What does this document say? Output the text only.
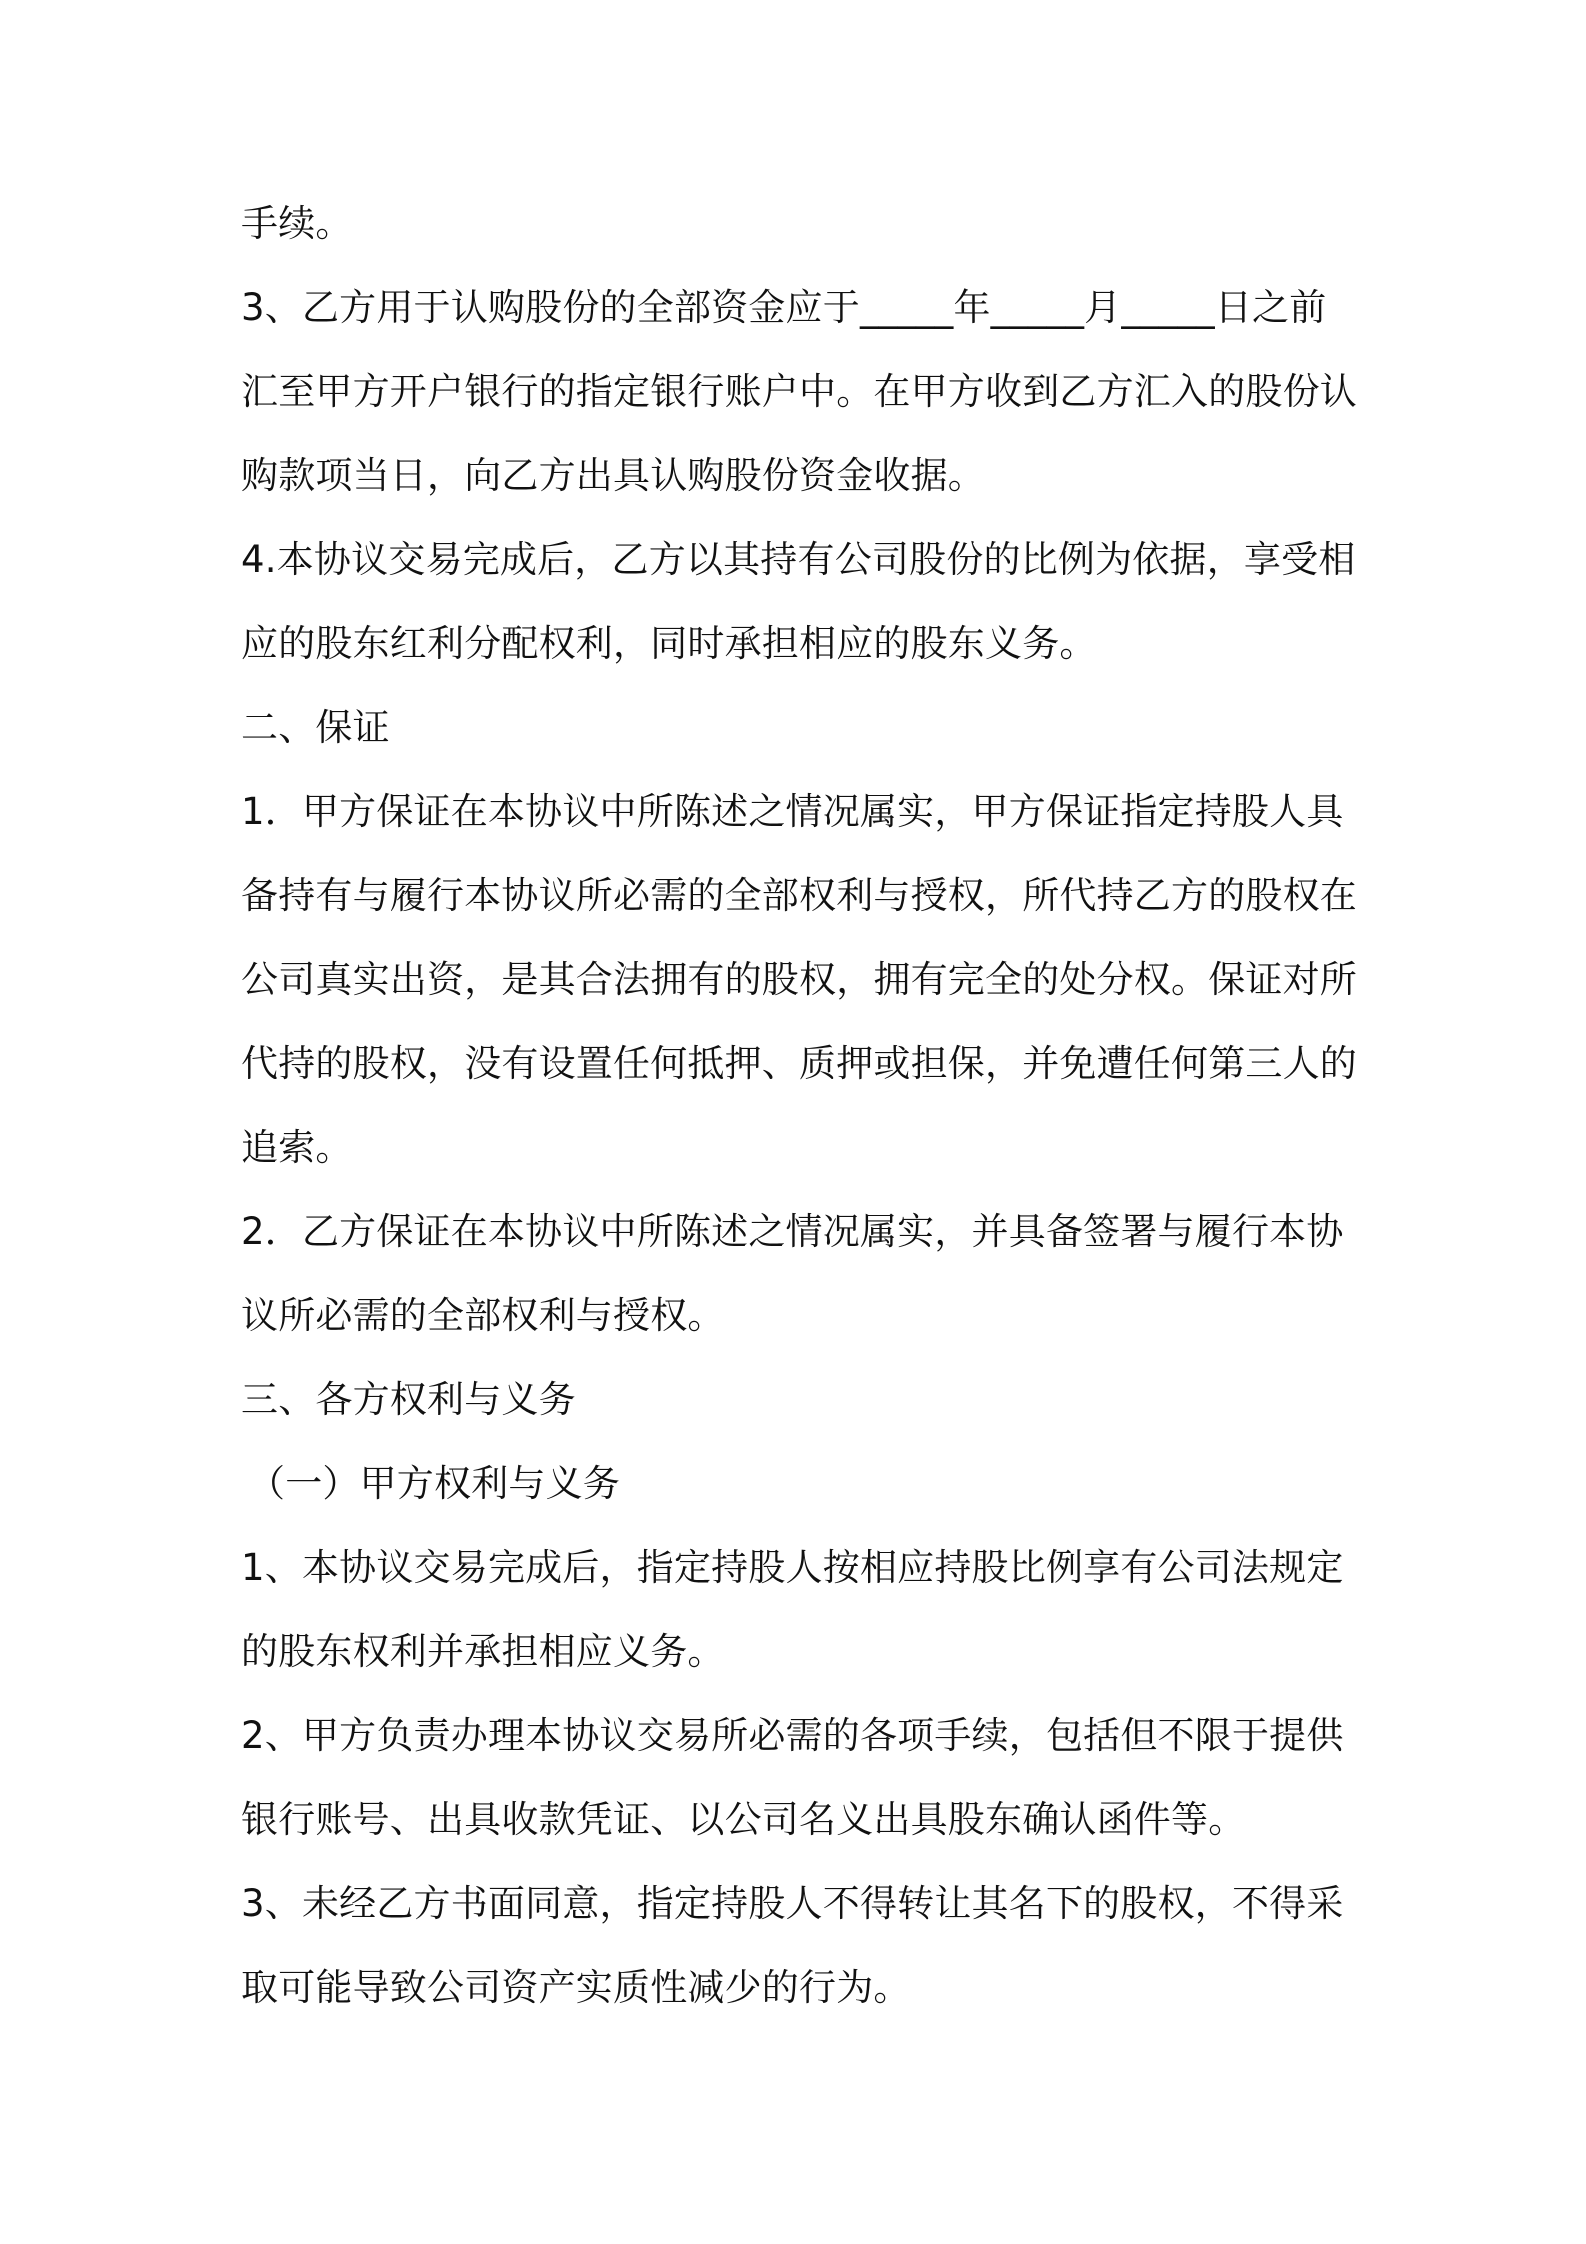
手续。
3、乙方用于认购股份的全部资金应于_____年_____月_____日之前
汇至甲方开户银行的指定银行账户中。在甲方收到乙方汇入的股份认
购款项当日，向乙方出具认购股份资金收据。
4.本协议交易完成后，乙方以其持有公司股份的比例为依据，享受相
应的股东红利分配权利，同时承担相应的股东义务。
二、保证
1．甲方保证在本协议中所陈述之情况属实，甲方保证指定持股人具
备持有与履行本协议所必需的全部权利与授权，所代持乙方的股权在
公司真实出资，是其合法拥有的股权，拥有完全的处分权。保证对所
代持的股权，没有设置任何抵押、质押或担保，并免遭任何第三人的
追索。
2．乙方保证在本协议中所陈述之情况属实，并具备签署与履行本协
议所必需的全部权利与授权。
三、各方权利与义务
（一）甲方权利与义务
1、本协议交易完成后，指定持股人按相应持股比例享有公司法规定
的股东权利并承担相应义务。
2、甲方负责办理本协议交易所必需的各项手续，包括但不限于提供
银行账号、出具收款凭证、以公司名义出具股东确认函件等。
3、未经乙方书面同意，指定持股人不得转让其名下的股权，不得采
取可能导致公司资产实质性减少的行为。
